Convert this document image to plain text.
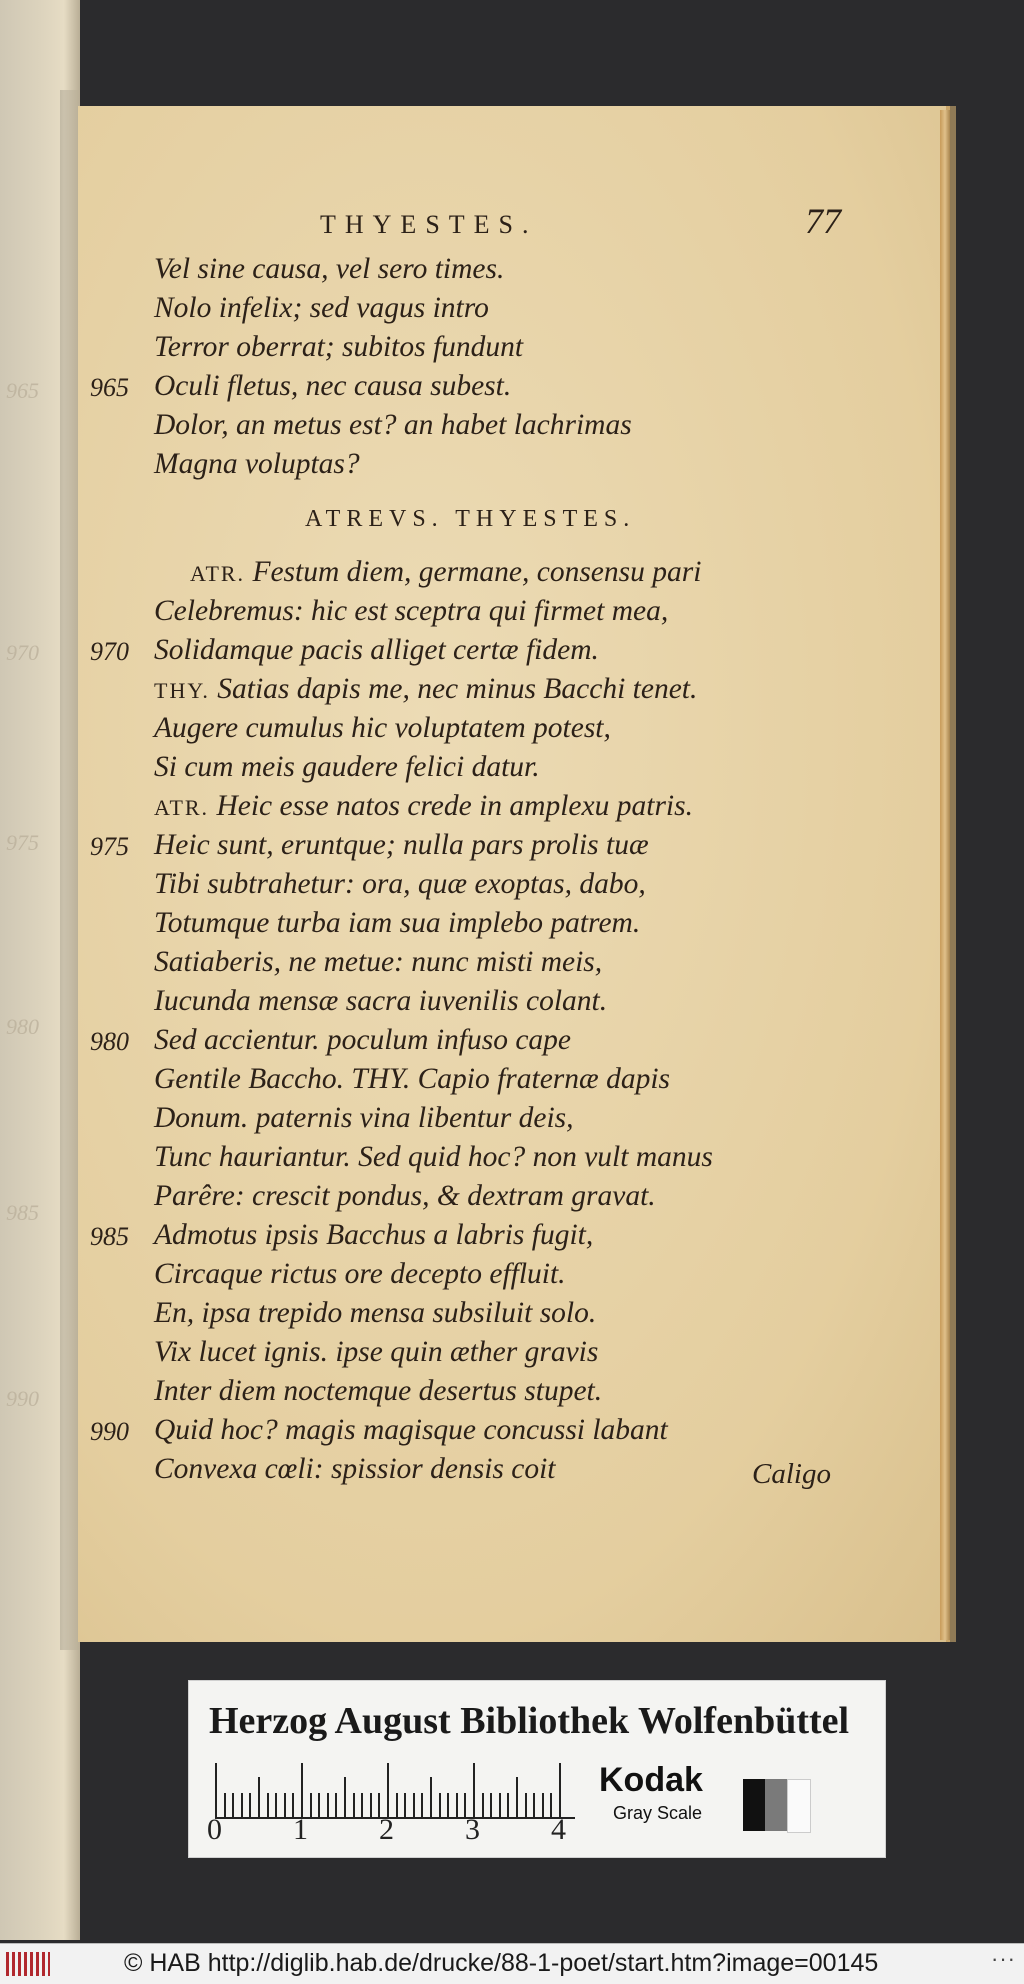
965
970
975
980
985
990
THYESTES.	77
Vel sine causa, vel sero times.
Nolo infelix; sed vagus intro
Terror oberrat; subitos fundunt
965 Oculi fletus, nec causa subest.
Dolor, an metus est? an habet lachrimas
Magna voluptas?
ATREVS. THYESTES.
ATR. Festum diem, germane, consensu pari
Celebremus: hic est sceptra qui firmet mea,
970 Solidamque pacis alliget certæ fidem.
THY. Satias dapis me, nec minus Bacchi tenet.
Augere cumulus hic voluptatem potest,
Si cum meis gaudere felici datur.
ATR. Heic esse natos crede in amplexu patris.
975 Heic sunt, eruntque; nulla pars prolis tuæ
Tibi subtrahetur: ora, quæ exoptas, dabo,
Totumque turba iam sua implebo patrem.
Satiaberis, ne metue: nunc misti meis,
Iucunda mensæ sacra iuvenilis colant.
980 Sed accientur. poculum infuso cape
Gentile Baccho. THY. Capio fraternæ dapis
Donum. paternis vina libentur deis,
Tunc hauriantur. Sed quid hoc? non vult manus
Parêre: crescit pondus, & dextram gravat.
985 Admotus ipsis Bacchus a labris fugit,
Circaque rictus ore decepto effluit.
En, ipsa trepido mensa subsiluit solo.
Vix lucet ignis. ipse quin æther gravis
Inter diem noctemque desertus stupet.
990 Quid hoc? magis magisque concussi labant
Convexa cœli: spissior densis coit	Caligo
Herzog August Bibliothek Wolfenbüttel
0 1 2 3 4
Kodak
Gray Scale
© HAB http://diglib.hab.de/drucke/88-1-poet/start.htm?image=00145	···
